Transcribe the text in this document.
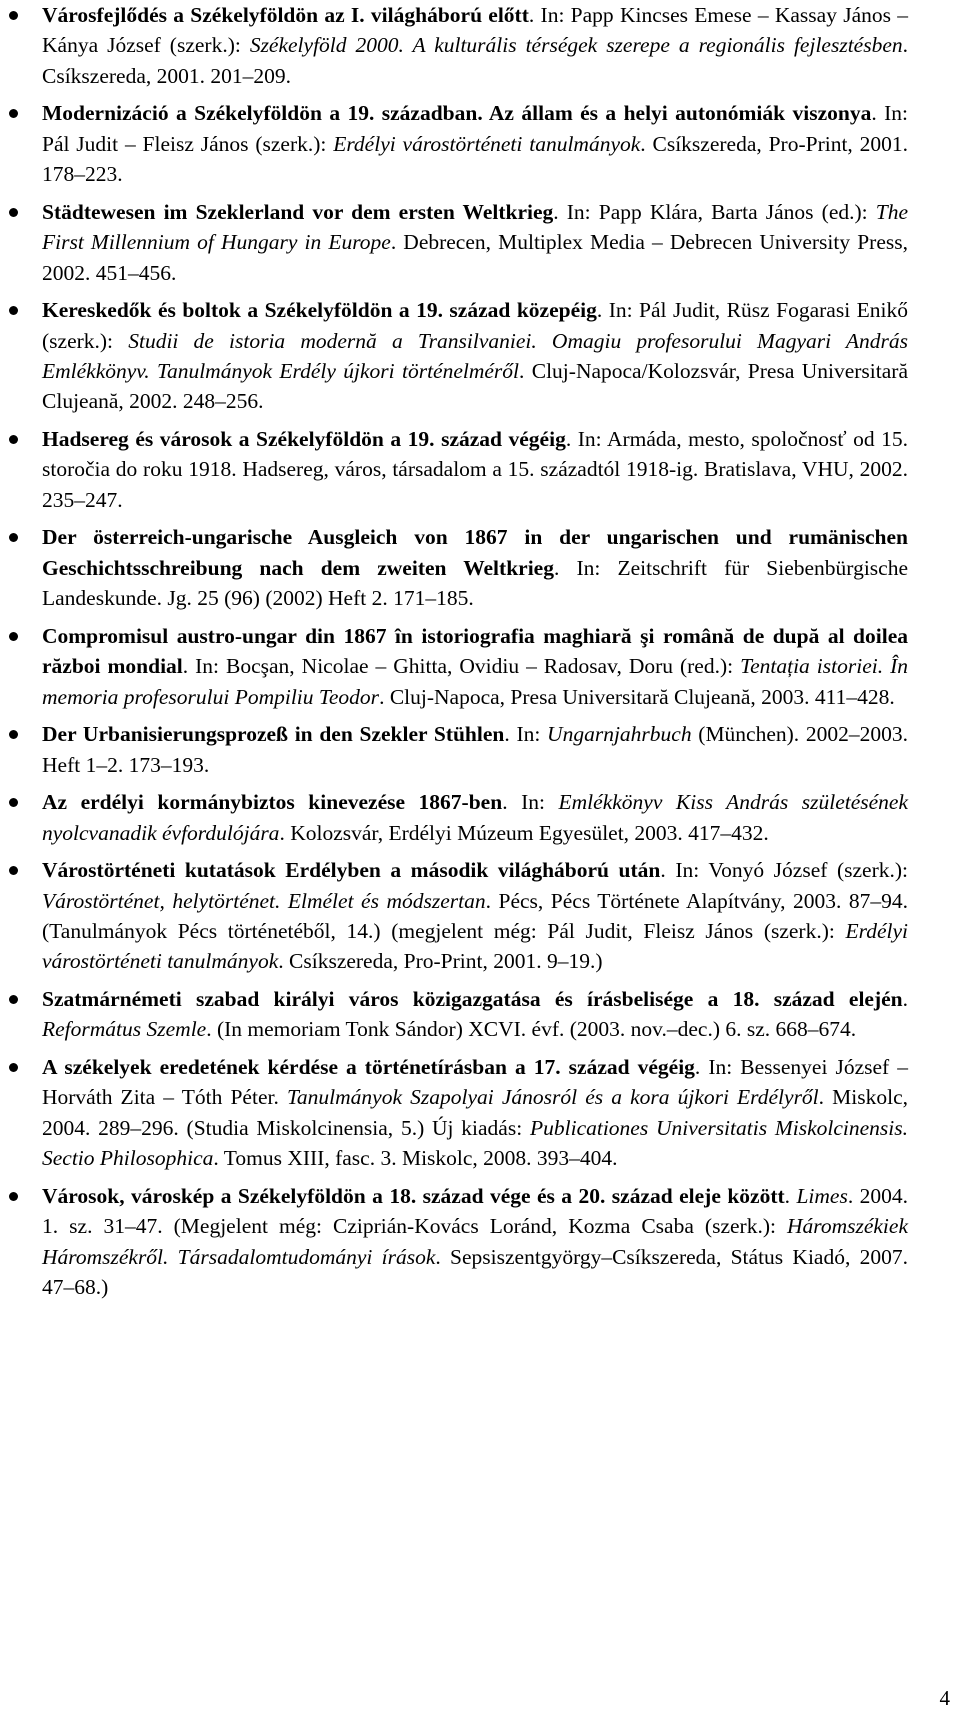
Városfejlődés a Székelyföldön az I. világháború előtt. In: Papp Kincses Emese – Kassay János – Kánya József (szerk.): Székelyföld 2000. A kulturális térségek szerepe a regionális fejlesztésben. Csíkszereda, 2001. 201–209.
Modernizáció a Székelyföldön a 19. században. Az állam és a helyi autonómiák viszonya. In: Pál Judit – Fleisz János (szerk.): Erdélyi várostörténeti tanulmányok. Csíkszereda, Pro-Print, 2001. 178–223.
Städtewesen im Szeklerland vor dem ersten Weltkrieg. In: Papp Klára, Barta János (ed.): The First Millennium of Hungary in Europe. Debrecen, Multiplex Media – Debrecen University Press, 2002. 451–456.
Kereskedők és boltok a Székelyföldön a 19. század közepéig. In: Pál Judit, Rüsz Fogarasi Enikő (szerk.): Studii de istoria modernă a Transilvaniei. Omagiu profesorului Magyari András Emlékkönyv. Tanulmányok Erdély újkori történelméről. Cluj-Napoca/Kolozsvár, Presa Universitară Clujeană, 2002. 248–256.
Hadsereg és városok a Székelyföldön a 19. század végéig. In: Armáda, mesto, spoločnosť od 15. storočia do roku 1918. Hadsereg, város, társadalom a 15. századtól 1918-ig. Bratislava, VHU, 2002. 235–247.
Der österreich-ungarische Ausgleich von 1867 in der ungarischen und rumänischen Geschichtsschreibung nach dem zweiten Weltkrieg. In: Zeitschrift für Siebenbürgische Landeskunde. Jg. 25 (96) (2002) Heft 2. 171–185.
Compromisul austro-ungar din 1867 în istoriografia maghiară şi română de după al doilea război mondial. In: Bocşan, Nicolae – Ghitta, Ovidiu – Radosav, Doru (red.): Tentația istoriei. În memoria profesorului Pompiliu Teodor. Cluj-Napoca, Presa Universitară Clujeană, 2003. 411–428.
Der Urbanisierungsprozeß in den Szekler Stühlen. In: Ungarnjahrbuch (München). 2002–2003. Heft 1–2. 173–193.
Az erdélyi kormánybiztos kinevezése 1867-ben. In: Emlékkönyv Kiss András születésének nyolcvanadik évfordulójára. Kolozsvár, Erdélyi Múzeum Egyesület, 2003. 417–432.
Várostörténeti kutatások Erdélyben a második világháború után. In: Vonyó József (szerk.): Várostörténet, helytörténet. Elmélet és módszertan. Pécs, Pécs Története Alapítvány, 2003. 87–94. (Tanulmányok Pécs történetéből, 14.) (megjelent még: Pál Judit, Fleisz János (szerk.): Erdélyi várostörténeti tanulmányok. Csíkszereda, Pro-Print, 2001. 9–19.)
Szatmárnémeti szabad királyi város közigazgatása és írásbelisége a 18. század elején. Református Szemle. (In memoriam Tonk Sándor) XCVI. évf. (2003. nov.–dec.) 6. sz. 668–674.
A székelyek eredetének kérdése a történetírásban a 17. század végéig. In: Bessenyei József – Horváth Zita – Tóth Péter. Tanulmányok Szapolyai Jánosról és a kora újkori Erdélyről. Miskolc, 2004. 289–296. (Studia Miskolcinensia, 5.) Új kiadás: Publicationes Universitatis Miskolcinensis. Sectio Philosophica. Tomus XIII, fasc. 3. Miskolc, 2008. 393–404.
Városok, városkép a Székelyföldön a 18. század vége és a 20. század eleje között. Limes. 2004. 1. sz. 31–47. (Megjelent még: Cziprián-Kovács Loránd, Kozma Csaba (szerk.): Háromszékiek Háromszékről. Társadalomtudományi írások. Sepsiszentgyörgy–Csíkszereda, Státus Kiadó, 2007. 47–68.)
4
